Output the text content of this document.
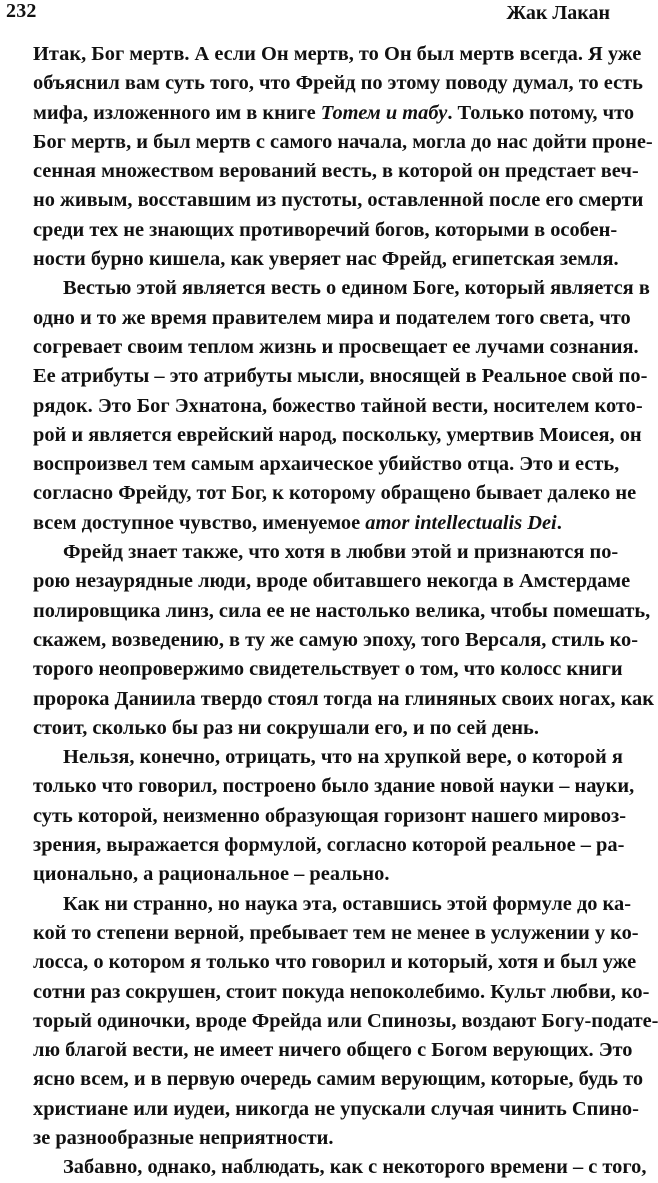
232	Жак Лакан
Итак, Бог мертв. А если Он мертв, то Он был мертв всегда. Я уже
объяснил вам суть того, что Фрейд по этому поводу думал, то есть
мифа, изложенного им в книге Тотем и табу. Только потому, что
Бог мертв, и был мертв с самого начала, могла до нас дойти проне-
сенная множеством верований весть, в которой он предстает веч-
но живым, восставшим из пустоты, оставленной после его смерти
среди тех не знающих противоречий богов, которыми в особен-
ности бурно кишела, как уверяет нас Фрейд, египетская земля.
Вестью этой является весть о едином Боге, который является в
одно и то же время правителем мира и подателем того света, что
согревает своим теплом жизнь и просвещает ее лучами сознания.
Ее атрибуты – это атрибуты мысли, вносящей в Реальное свой по-
рядок. Это Бог Эхнатона, божество тайной вести, носителем кото-
рой и является еврейский народ, поскольку, умертвив Моисея, он
воспроизвел тем самым архаическое убийство отца. Это и есть,
согласно Фрейду, тот Бог, к которому обращено бывает далеко не
всем доступное чувство, именуемое amor intellectualis Dei.
Фрейд знает также, что хотя в любви этой и признаются по-
рою незаурядные люди, вроде обитавшего некогда в Амстердаме
полировщика линз, сила ее не настолько велика, чтобы помешать,
скажем, возведению, в ту же самую эпоху, того Версаля, стиль ко-
торого неопровержимо свидетельствует о том, что колосс книги
пророка Даниила твердо стоял тогда на глиняных своих ногах, как
стоит, сколько бы раз ни сокрушали его, и по сей день.
Нельзя, конечно, отрицать, что на хрупкой вере, о которой я
только что говорил, построено было здание новой науки – науки,
суть которой, неизменно образующая горизонт нашего мировоз-
зрения, выражается формулой, согласно которой реальное – ра-
ционально, а рациональное – реально.
Как ни странно, но наука эта, оставшись этой формуле до ка-
кой то степени верной, пребывает тем не менее в услужении у ко-
лосса, о котором я только что говорил и который, хотя и был уже
сотни раз сокрушен, стоит покуда непоколебимо. Культ любви, ко-
торый одиночки, вроде Фрейда или Спинозы, воздают Богу-подате-
лю благой вести, не имеет ничего общего с Богом верующих. Это
ясно всем, и в первую очередь самим верующим, которые, будь то
христиане или иудеи, никогда не упускали случая чинить Спино-
зе разнообразные неприятности.
Забавно, однако, наблюдать, как с некоторого времени – с того,
